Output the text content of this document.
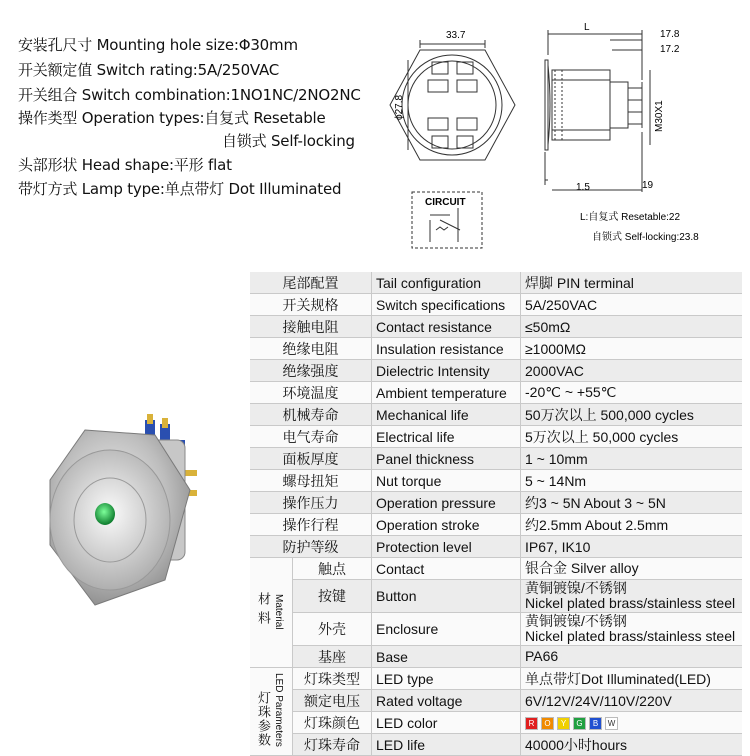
安装孔尺寸 Mounting hole size:Φ30mm
开关额定值 Switch rating:5A/250VAC
开关组合 Switch combination:1NO1NC/2NO2NC
操作类型 Operation types:自复式 Resetable
自锁式 Self-locking
头部形状 Head shape:平形 flat
带灯方式 Lamp type:单点带灯 Dot Illuminated
33.7
ϕ27.8
L
17.8
17.2
M30X1
1.5	19
CIRCUIT
L:自复式 Resetable:22
自锁式 Self-locking:23.8
尾部配置		Tail configuration	焊脚 PIN terminal
开关规格		Switch specifications	5A/250VAC
接触电阻		Contact resistance	≤50mΩ
绝缘电阻		Insulation resistance	≥1000MΩ
绝缘强度		Dielectric Intensity	2000VAC
环境温度		Ambient temperature	-20℃ ~ +55℃
机械寿命		Mechanical life	50万次以上 500,000 cycles
电气寿命		Electrical life	5万次以上 50,000 cycles
面板厚度		Panel thickness	1 ~ 10mm
螺母扭矩		Nut torque	5 ~ 14Nm
操作压力		Operation pressure	约3 ~ 5N About 3 ~ 5N
操作行程		Operation stroke	约2.5mm About 2.5mm
防护等级		Protection level	IP67, IK10
材料 Material	触点	Contact	银合金 Silver alloy

	按键	Button	黄铜镀镍/不锈钢
Nickel plated brass/stainless steel

	外壳	Enclosure	黄铜镀镍/不锈钢
Nickel plated brass/stainless steel

	基座	Base	PA66

灯珠参数 LED Parameters	灯珠类型	LED type	单点带灯Dot Illuminated(LED)
	额定电压	Rated voltage	6V/12V/24V/110V/220V
	灯珠颜色	LED color	R O Y G B W
	灯珠寿命	LED life	40000小时hours
